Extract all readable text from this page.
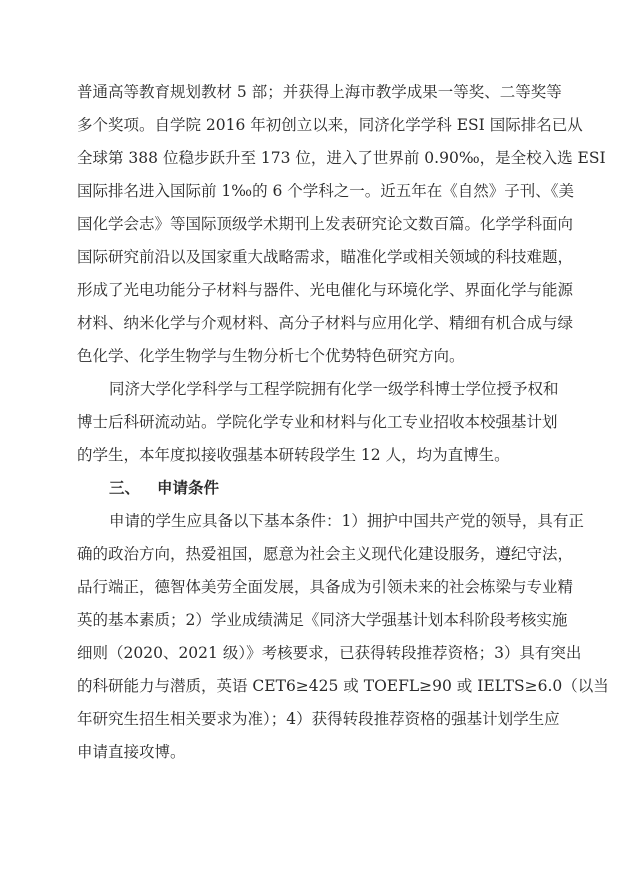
普通高等教育规划教材 5 部；并获得上海市教学成果一等奖、二等奖等
多个奖项。自学院 2016 年初创立以来，同济化学学科 ESI 国际排名已从
全球第 388 位稳步跃升至 173 位，进入了世界前 0.90‰，是全校入选 ESI
国际排名进入国际前 1‰的 6 个学科之一。近五年在《自然》子刊、《美
国化学会志》等国际顶级学术期刊上发表研究论文数百篇。化学学科面向
国际研究前沿以及国家重大战略需求，瞄准化学或相关领域的科技难题，
形成了光电功能分子材料与器件、光电催化与环境化学、界面化学与能源
材料、纳米化学与介观材料、高分子材料与应用化学、精细有机合成与绿
色化学、化学生物学与生物分析七个优势特色研究方向。
同济大学化学科学与工程学院拥有化学一级学科博士学位授予权和
博士后科研流动站。学院化学专业和材料与化工专业招收本校强基计划
的学生，本年度拟接收强基本研转段学生 12 人，均为直博生。
三、 申请条件
申请的学生应具备以下基本条件：1）拥护中国共产党的领导，具有正
确的政治方向，热爱祖国，愿意为社会主义现代化建设服务，遵纪守法，
品行端正，德智体美劳全面发展，具备成为引领未来的社会栋梁与专业精
英的基本素质；2）学业成绩满足《同济大学强基计划本科阶段考核实施
细则（2020、2021 级）》考核要求，已获得转段推荐资格；3）具有突出
的科研能力与潜质，英语 CET6≥425 或 TOEFL≥90 或 IELTS≥6.0（以当
年研究生招生相关要求为准）；4）获得转段推荐资格的强基计划学生应
申请直接攻博。
